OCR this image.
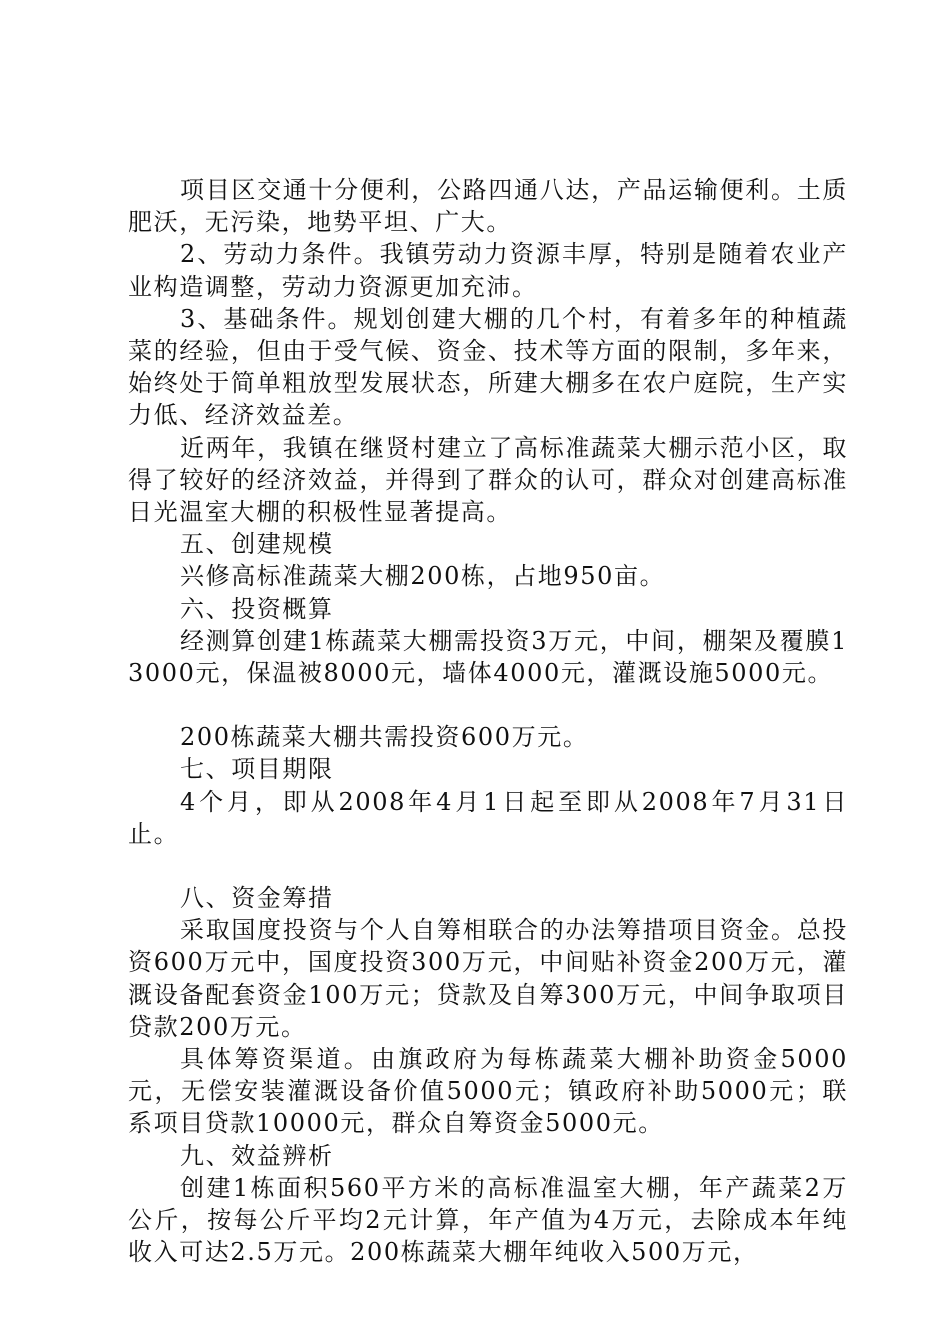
项目区交通十分便利，公路四通八达，产品运输便利。土质肥沃，无污染，地势平坦、广大。

2、劳动力条件。我镇劳动力资源丰厚，特别是随着农业产业构造调整，劳动力资源更加充沛。

3、基础条件。规划创建大棚的几个村，有着多年的种植蔬菜的经验，但由于受气候、资金、技术等方面的限制，多年来，始终处于简单粗放型发展状态，所建大棚多在农户庭院，生产实力低、经济效益差。

近两年，我镇在继贤村建立了高标准蔬菜大棚示范小区，取得了较好的经济效益，并得到了群众的认可，群众对创建高标准日光温室大棚的积极性显著提高。

五、创建规模

兴修高标准蔬菜大棚200栋，占地950亩。

六、投资概算

经测算创建1栋蔬菜大棚需投资3万元，中间，棚架及覆膜13000元，保温被8000元，墙体4000元，灌溉设施5000元。

200栋蔬菜大棚共需投资600万元。

七、项目期限

4个月，即从2008年4月1日起至即从2008年7月31日止。

八、资金筹措

采取国度投资与个人自筹相联合的办法筹措项目资金。总投资600万元中，国度投资300万元，中间贴补资金200万元，灌溉设备配套资金100万元；贷款及自筹300万元，中间争取项目贷款200万元。

具体筹资渠道。由旗政府为每栋蔬菜大棚补助资金5000元，无偿安装灌溉设备价值5000元；镇政府补助5000元；联系项目贷款10000元，群众自筹资金5000元。

九、效益辨析

创建1栋面积560平方米的高标准温室大棚，年产蔬菜2万公斤，按每公斤平均2元计算，年产值为4万元，去除成本年纯收入可达2.5万元。200栋蔬菜大棚年纯收入500万元，
